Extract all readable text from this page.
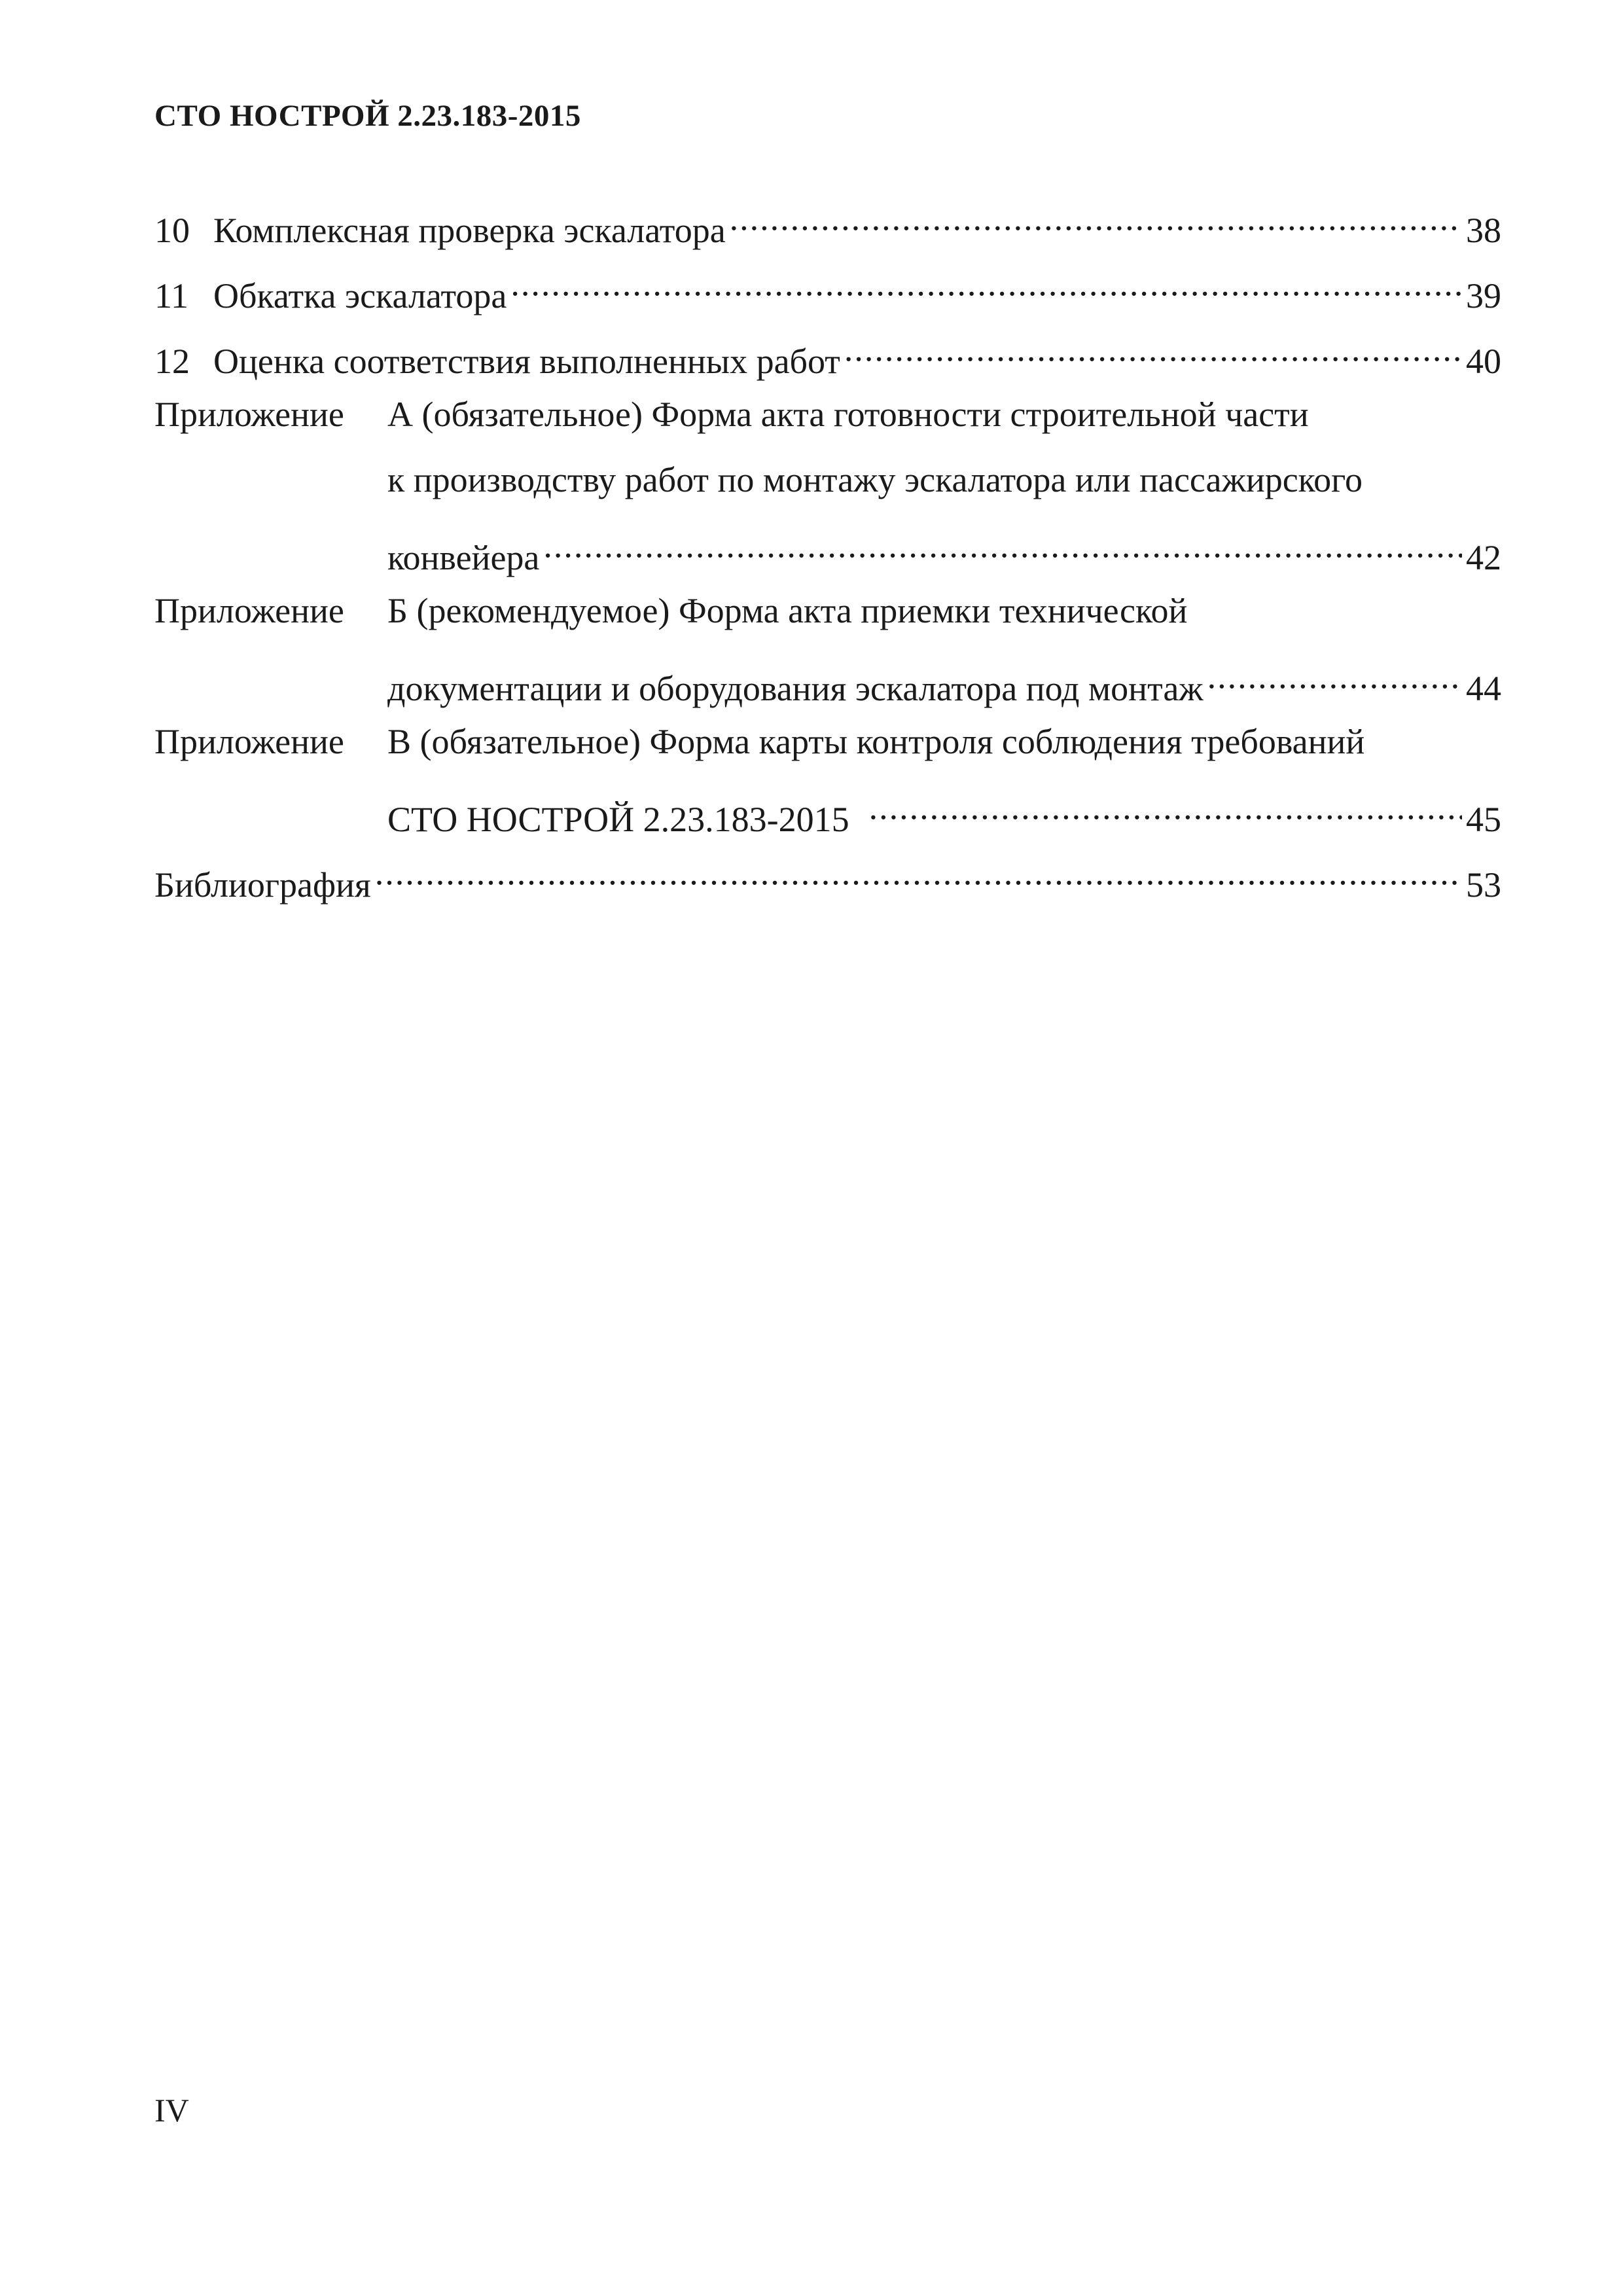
СТО НОСТРОЙ 2.23.183-2015
10 Комплексная проверка эскалатора .....	38
11 Обкатка эскалатора .....	39
12 Оценка соответствия выполненных работ .....	40
Приложение	А (обязательное) Форма акта готовности строительной части
к производству работ по монтажу эскалатора или пассажирского
конвейера .....	42
Приложение	Б (рекомендуемое) Форма акта приемки технической
документации и оборудования эскалатора под монтаж .....	44
Приложение	В (обязательное) Форма карты контроля соблюдения требований
СТО НОСТРОЙ 2.23.183-2015 .....	45
Библиография .....	53
IV
